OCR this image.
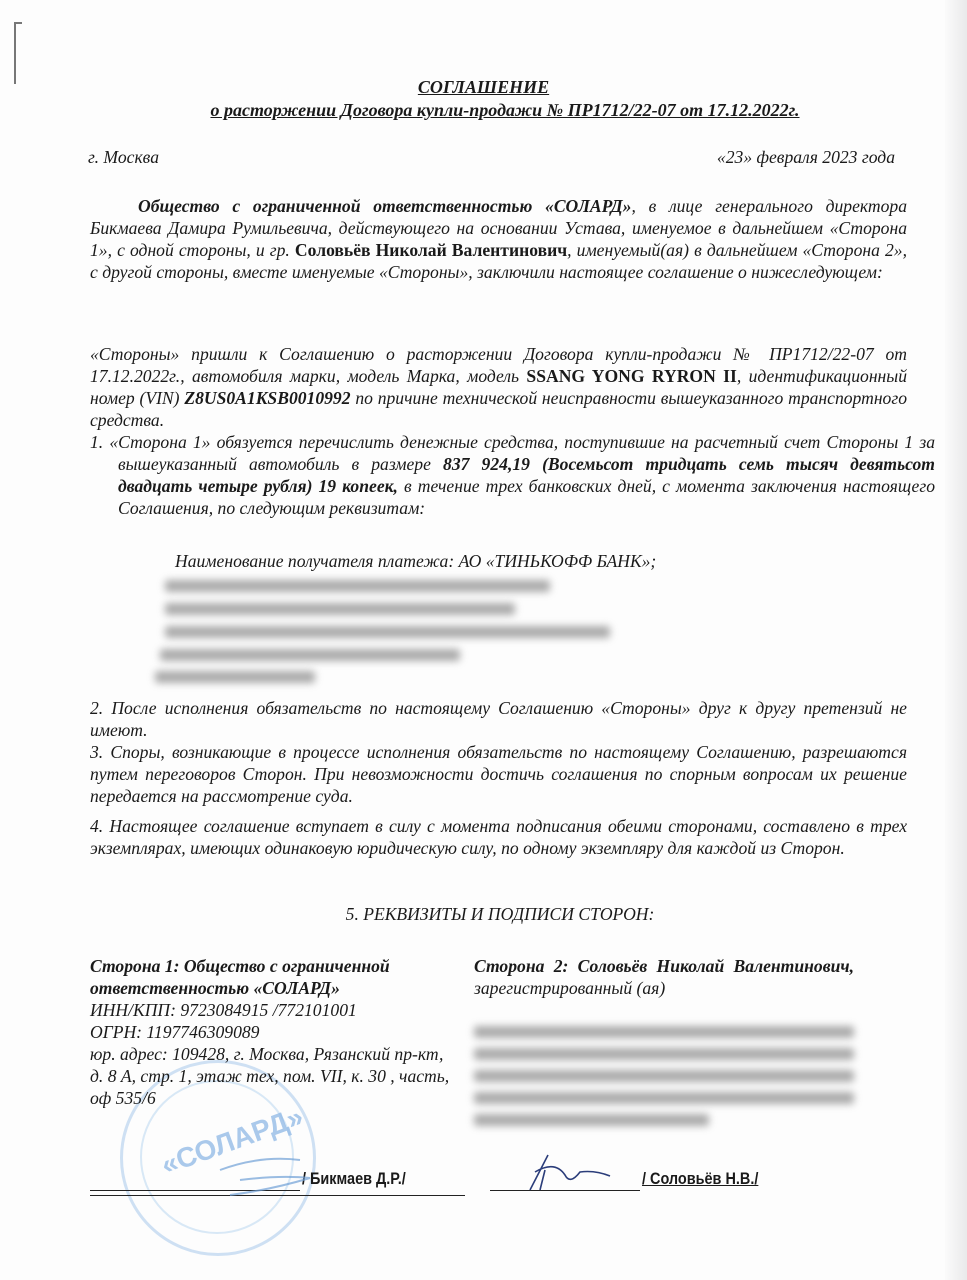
СОГЛАШЕНИЕ
о расторжении Договора купли-продажи № ПР1712/22-07 от 17.12.2022г.
г. Москва	«23» февраля 2023 года
Общество с ограниченной ответственностью «СОЛАРД», в лице генерального директора Бикмаева Дамира Румильевича, действующего на основании Устава, именуемое в дальнейшем «Сторона 1», с одной стороны, и гр. Соловьёв Николай Валентинович, именуемый(ая) в дальнейшем «Сторона 2», с другой стороны, вместе именуемые «Стороны», заключили настоящее соглашение о нижеследующем:
«Стороны» пришли к Соглашению о расторжении Договора купли-продажи № ПР1712/22-07 от 17.12.2022г., автомобиля марки, модель Марка, модель SSANG YONG RYRON II, идентификационный номер (VIN) Z8US0A1KSB0010992 по причине технической неисправности вышеуказанного транспортного средства.
1. «Сторона 1» обязуется перечислить денежные средства, поступившие на расчетный счет Стороны 1 за вышеуказанный автомобиль в размере 837 924,19 (Восемьсот тридцать семь тысяч девятьсот двадцать четыре рубля) 19 копеек, в течение трех банковских дней, с момента заключения настоящего Соглашения, по следующим реквизитам:
Наименование получателя платежа: АО «ТИНЬКОФФ БАНК»;
2. После исполнения обязательств по настоящему Соглашению «Стороны» друг к другу претензий не имеют.
3. Споры, возникающие в процессе исполнения обязательств по настоящему Соглашению, разрешаются путем переговоров Сторон. При невозможности достичь соглашения по спорным вопросам их решение передается на рассмотрение суда.
4. Настоящее соглашение вступает в силу с момента подписания обеими сторонами, составлено в трех экземплярах, имеющих одинаковую юридическую силу, по одному экземпляру для каждой из Сторон.
5. РЕКВИЗИТЫ И ПОДПИСИ СТОРОН:
«СОЛАРД»
Сторона 1: Общество с ограниченной ответственностью «СОЛАРД»
ИНН/КПП: 9723084915 /772101001
ОГРН: 1197746309089
юр. адрес: 109428, г. Москва, Рязанский пр-кт, д. 8 А, стр. 1, этаж тех, пом. VII, к. 30 , часть, оф 535/6
Сторона 2: Соловьёв Николай Валентинович, зарегистрированный (ая)
/ Бикмаев Д.Р./	/ Соловьёв Н.В./
